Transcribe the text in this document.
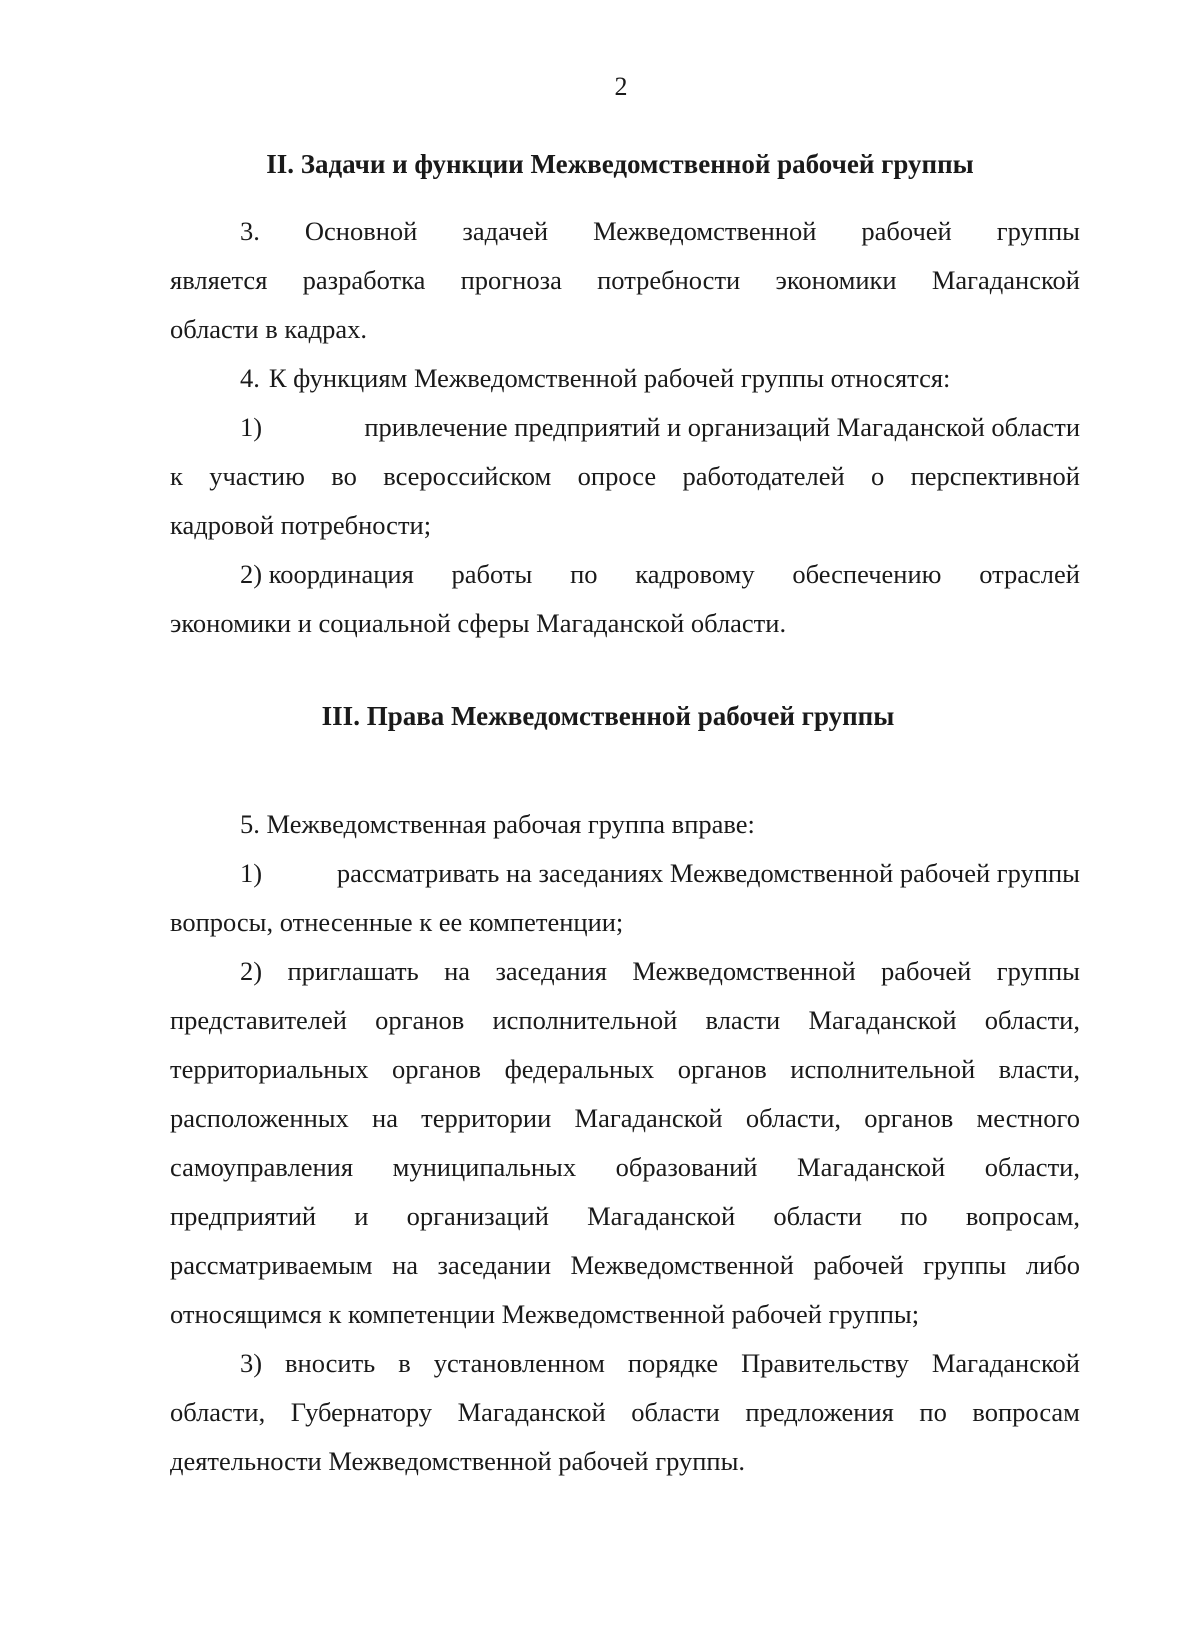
2
II. Задачи и функции Межведомственной рабочей группы
3. Основной задачей Межведомственной рабочей группы
является разработка прогноза потребности экономики Магаданской
области в кадрах.
4. К функциям Межведомственной рабочей группы относятся:
1)	привлечение предприятий и организаций Магаданской области
к участию во всероссийском опросе работодателей о перспективной
кадровой потребности;
2) координация работы по кадровому обеспечению отраслей
экономики и социальной сферы Магаданской области.
III. Права Межведомственной рабочей группы
5. Межведомственная рабочая группа вправе:
1)	рассматривать на заседаниях Межведомственной рабочей группы
вопросы, отнесенные к ее компетенции;
2) приглашать на заседания Межведомственной рабочей группы
представителей органов исполнительной власти Магаданской области,
территориальных органов федеральных органов исполнительной власти,
расположенных на территории Магаданской области, органов местного
самоуправления муниципальных образований Магаданской области,
предприятий и организаций Магаданской области по вопросам,
рассматриваемым на заседании Межведомственной рабочей группы либо
относящимся к компетенции Межведомственной рабочей группы;
3) вносить в установленном порядке Правительству Магаданской
области, Губернатору Магаданской области предложения по вопросам
деятельности Межведомственной рабочей группы.
